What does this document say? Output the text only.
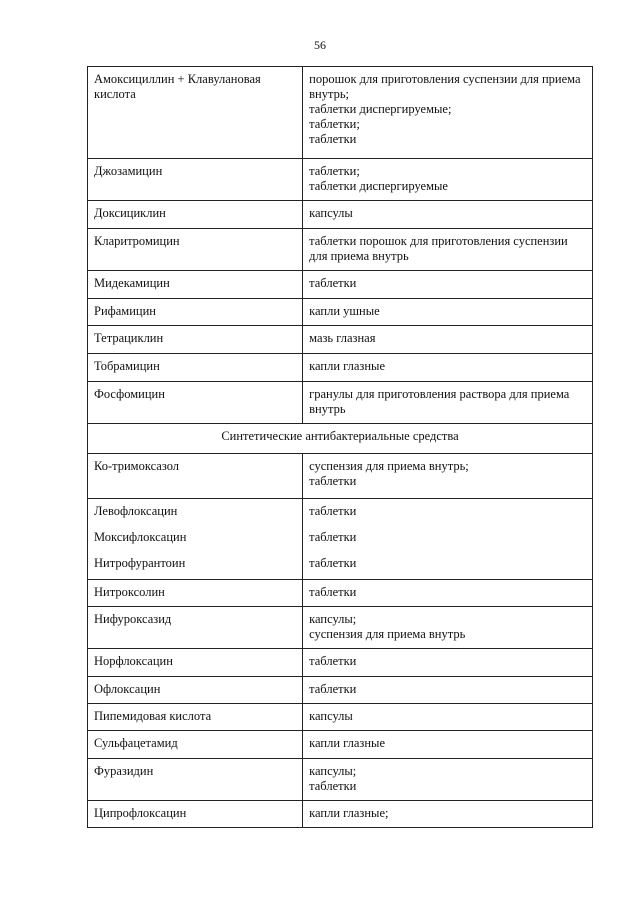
56
Амоксициллин + Клавулановая кислота	порошок для приготовления суспензии для приема внутрь;
таблетки диспергируемые;
таблетки;
таблетки

Джозамицин	таблетки;
таблетки диспергируемые

Доксициклин	капсулы

Кларитромицин	таблетки порошок для приготовления суспензии для приема внутрь

Мидекамицин	таблетки

Рифамицин	капли ушные

Тетрациклин	мазь глазная

Тобрамицин	капли глазные

Фосфомицин	гранулы для приготовления раствора для приема внутрь

Синтетические антибактериальные средства	
Ко-тримоксазол	суспензия для приема внутрь;
таблетки

Левофлоксацин	таблетки

Моксифлоксацин	таблетки

Нитрофурантоин	таблетки

Нитроксолин	таблетки

Нифуроксазид	капсулы;
суспензия для приема внутрь

Норфлоксацин	таблетки

Офлоксацин	таблетки

Пипемидовая кислота	капсулы

Сульфацетамид	капли глазные

Фуразидин	капсулы;
таблетки

Ципрофлоксацин	капли глазные;
